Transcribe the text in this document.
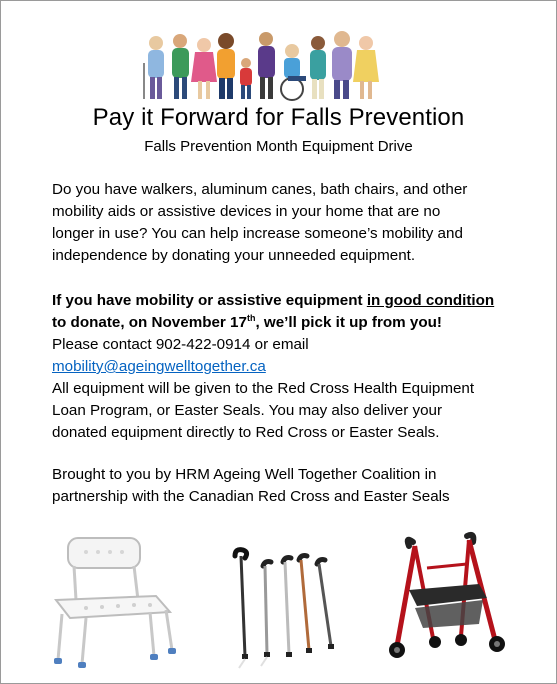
Pay it Forward for Falls Prevention
Falls Prevention Month Equipment Drive
Do you have walkers, aluminum canes, bath chairs, and other
mobility aids or assistive devices in your home that are no
longer in use? You can help increase someone’s mobility and
independence by donating your unneeded equipment.
If you have mobility or assistive equipment in good condition
to donate, on November 17th, we’ll pick it up from you!
Please contact 902-422-0914 or email
mobility@ageingwelltogether.ca
All equipment will be given to the Red Cross Health Equipment
Loan Program, or Easter Seals. You may also deliver your
donated equipment directly to Red Cross or Easter Seals.
Brought to you by HRM Ageing Well Together Coalition in
partnership with the Canadian Red Cross and Easter Seals
